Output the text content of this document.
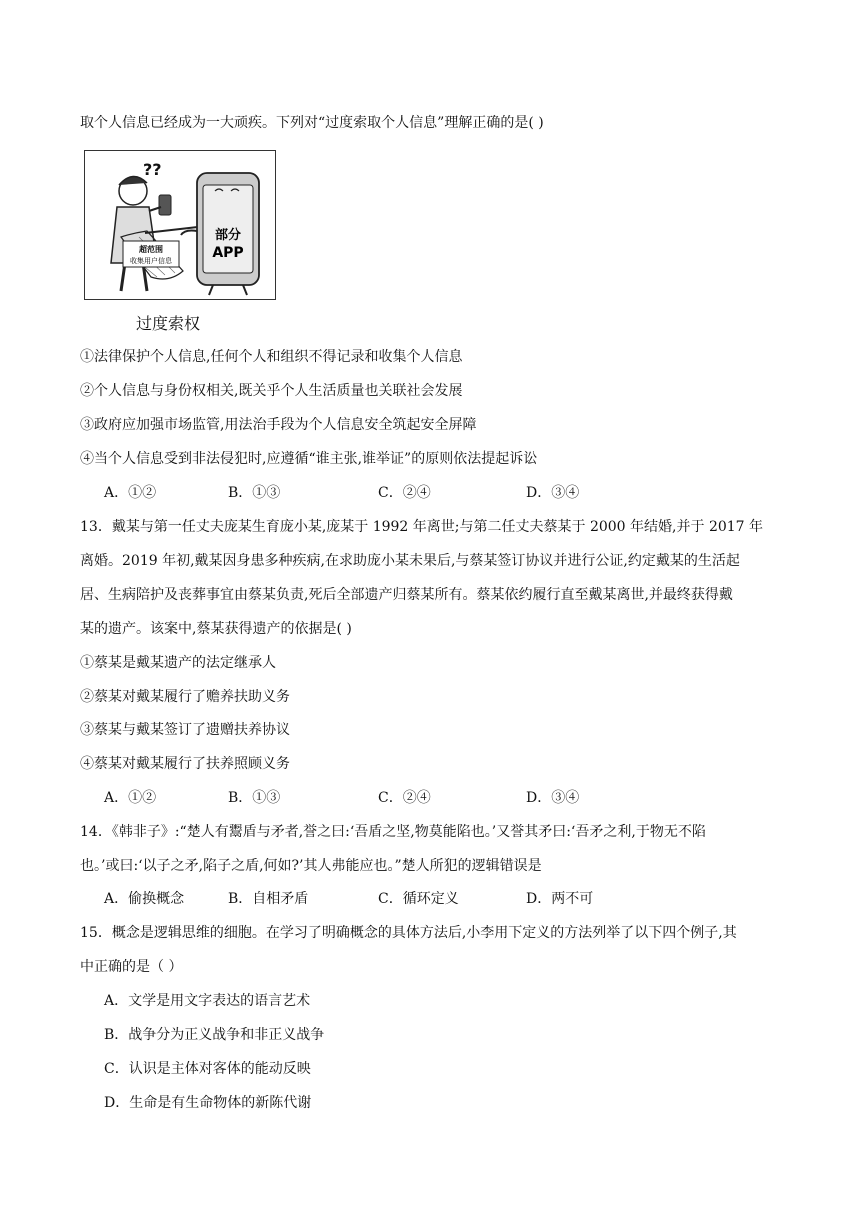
取个人信息已经成为一大顽疾。下列对“过度索取个人信息”理解正确的是( )
??
超范围
收集用户信息
部分
APP
过度索权
①法律保护个人信息,任何个人和组织不得记录和收集个人信息
②个人信息与身份权相关,既关乎个人生活质量也关联社会发展
③政府应加强市场监管,用法治手段为个人信息安全筑起安全屏障
④当个人信息受到非法侵犯时,应遵循“谁主张,谁举证”的原则依法提起诉讼
A．①②	B．①③	C．②④	D．③④
13．戴某与第一任丈夫庞某生育庞小某,庞某于 1992 年离世;与第二任丈夫蔡某于 2000 年结婚,并于 2017 年
离婚。2019 年初,戴某因身患多种疾病,在求助庞小某未果后,与蔡某签订协议并进行公证,约定戴某的生活起
居、生病陪护及丧葬事宜由蔡某负责,死后全部遗产归蔡某所有。蔡某依约履行直至戴某离世,并最终获得戴
某的遗产。该案中,蔡某获得遗产的依据是( )
①蔡某是戴某遗产的法定继承人
②蔡某对戴某履行了赡养扶助义务
③蔡某与戴某签订了遗赠扶养协议
④蔡某对戴某履行了扶养照顾义务
A．①②	B．①③	C．②④	D．③④
14．《韩非子》:“楚人有鬻盾与矛者,誉之曰:‘吾盾之坚,物莫能陷也。’又誉其矛曰:‘吾矛之利,于物无不陷
也。’或曰:‘以子之矛,陷子之盾,何如?’其人弗能应也。”楚人所犯的逻辑错误是
A．偷换概念	B．自相矛盾	C．循环定义	D．两不可
15．概念是逻辑思维的细胞。在学习了明确概念的具体方法后,小李用下定义的方法列举了以下四个例子,其
中正确的是（ ）
A．文学是用文字表达的语言艺术
B．战争分为正义战争和非正义战争
C．认识是主体对客体的能动反映
D．生命是有生命物体的新陈代谢
